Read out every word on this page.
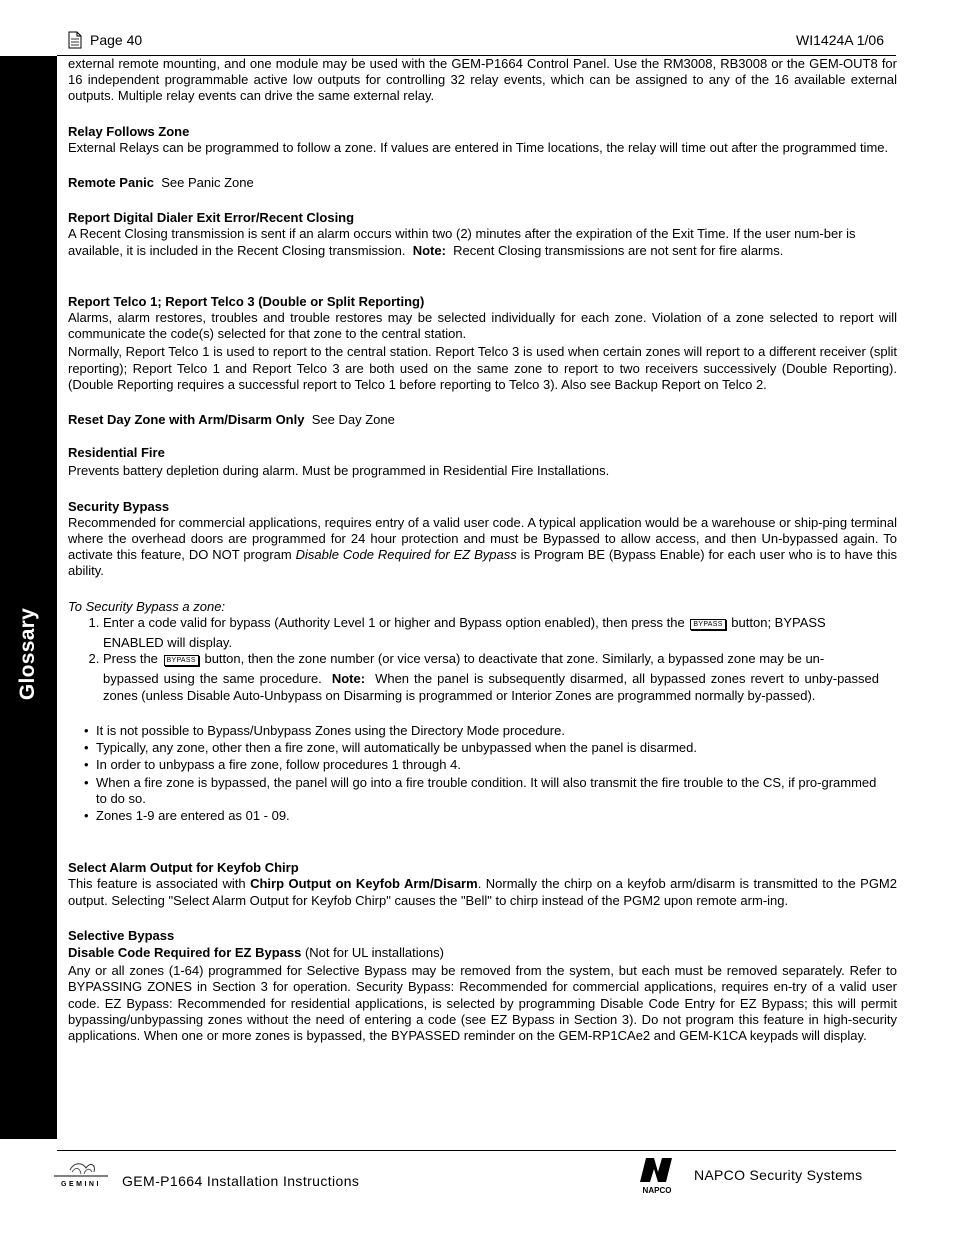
Glossary
Page 40	WI1424A 1/06

external remote mounting, and one module may be used with the GEM-P1664 Control Panel. Use the RM3008, RB3008 or the GEM-OUT8 for 16 independent programmable active low outputs for controlling 32 relay events, which can be assigned to any of the 16 available external outputs. Multiple relay events can drive the same external relay.

Relay Follows Zone

External Relays can be programmed to follow a zone. If values are entered in Time locations, the relay will time out after the programmed time.

Remote Panic See Panic Zone

Report Digital Dialer Exit Error/Recent Closing

A Recent Closing transmission is sent if an alarm occurs within two (2) minutes after the expiration of the Exit Time. If the user num-ber is available, it is included in the Recent Closing transmission. Note: Recent Closing transmissions are not sent for fire alarms.

Report Telco 1; Report Telco 3 (Double or Split Reporting)

Alarms, alarm restores, troubles and trouble restores may be selected individually for each zone. Violation of a zone selected to report will communicate the code(s) selected for that zone to the central station.

Normally, Report Telco 1 is used to report to the central station. Report Telco 3 is used when certain zones will report to a different receiver (split reporting); Report Telco 1 and Report Telco 3 are both used on the same zone to report to two receivers successively (Double Reporting). (Double Reporting requires a successful report to Telco 1 before reporting to Telco 3). Also see Backup Report on Telco 2.

Reset Day Zone with Arm/Disarm Only See Day Zone

Residential Fire

Prevents battery depletion during alarm. Must be programmed in Residential Fire Installations.

Security Bypass

Recommended for commercial applications, requires entry of a valid user code. A typical application would be a warehouse or ship-ping terminal where the overhead doors are programmed for 24 hour protection and must be Bypassed to allow access, and then Un-bypassed again. To activate this feature, DO NOT program Disable Code Required for EZ Bypass is Program BE (Bypass Enable) for each user who is to have this ability.

To Security Bypass a zone:

1. Enter a code valid for bypass (Authority Level 1 or higher and Bypass option enabled), then press the BYPASS button; BYPASS
ENABLED will display.
2. Press the BYPASS button, then the zone number (or vice versa) to deactivate that zone. Similarly, a bypassed zone may be un-
bypassed using the same procedure. Note: When the panel is subsequently disarmed, all bypassed zones revert to unby-passed zones (unless Disable Auto-Unbypass on Disarming is programmed or Interior Zones are programmed normally by-passed).
• It is not possible to Bypass/Unbypass Zones using the Directory Mode procedure.
• Typically, any zone, other then a fire zone, will automatically be unbypassed when the panel is disarmed.
• In order to unbypass a fire zone, follow procedures 1 through 4.
• When a fire zone is bypassed, the panel will go into a fire trouble condition. It will also transmit the fire trouble to the CS, if pro-grammed to do so.
• Zones 1-9 are entered as 01 - 09.

Select Alarm Output for Keyfob Chirp

This feature is associated with Chirp Output on Keyfob Arm/Disarm. Normally the chirp on a keyfob arm/disarm is transmitted to the PGM2 output. Selecting "Select Alarm Output for Keyfob Chirp" causes the "Bell" to chirp instead of the PGM2 upon remote arm-ing.

Selective Bypass

Disable Code Required for EZ Bypass (Not for UL installations)

Any or all zones (1-64) programmed for Selective Bypass may be removed from the system, but each must be removed separately. Refer to BYPASSING ZONES in Section 3 for operation. Security Bypass: Recommended for commercial applications, requires en-try of a valid user code. EZ Bypass: Recommended for residential applications, is selected by programming Disable Code Entry for EZ Bypass; this will permit bypassing/unbypassing zones without the need of entering a code (see EZ Bypass in Section 3). Do not program this feature in high-security applications. When one or more zones is bypassed, the BYPASSED reminder on the GEM-RP1CAe2 and GEM-K1CA keypads will display.

GEMINI GEM-P1664 Installation Instructions
NAPCO
NAPCO Security Systems
